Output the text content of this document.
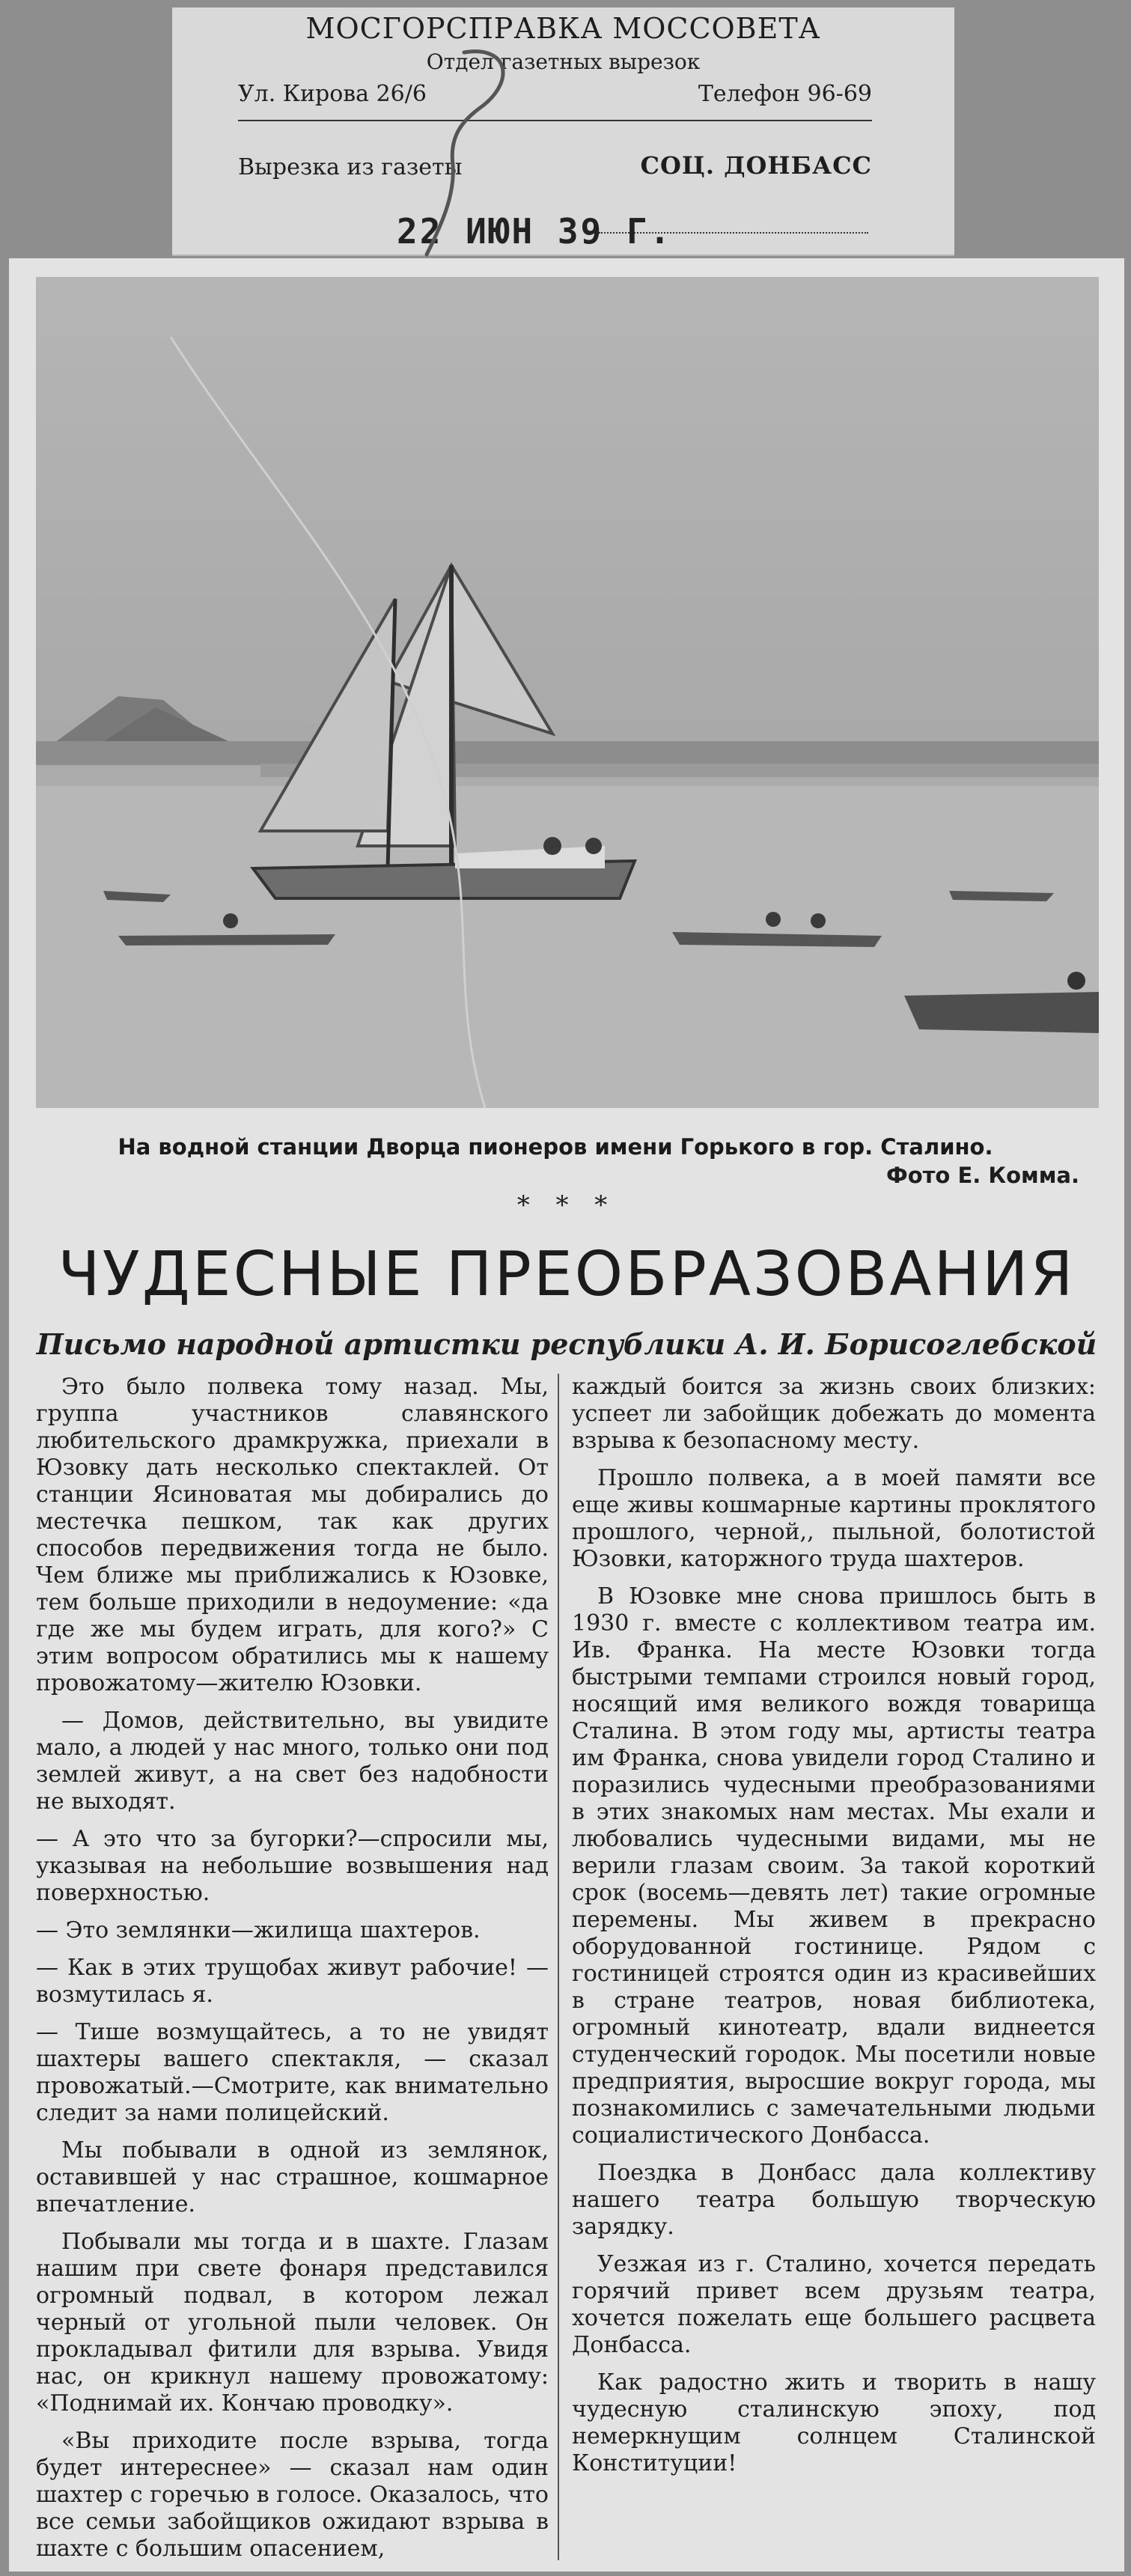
МОСГОРСПРАВКА МОССОВЕТА
Отдел газетных вырезок
Ул. Кирова 26/6	Телефон 96-69
Вырезка из газеты	СОЦ. ДОНБАСС
22 ИЮН 39 Г.
На водной станции Дворца пионеров имени Горького в гор. Сталино.
Фото Е. Комма.
* * *
ЧУДЕСНЫЕ ПРЕОБРАЗОВАНИЯ
Письмо народной артистки республики А. И. Борисоглебской

Это было полвека тому назад. Мы, группа участников славянского любительского драмкружка, приехали в Юзовку дать несколько спектаклей. От станции Ясиноватая мы добирались до местечка пешком, так как других способов передвижения тогда не было. Чем ближе мы приближались к Юзовке, тем больше приходили в недоумение: «да где же мы будем играть, для кого?» С этим вопросом обратились мы к нашему провожатому—жителю Юзовки.

— Домов, действительно, вы увидите мало, а людей у нас много, только они под землей живут, а на свет без надобности не выходят.

— А это что за бугорки?—спросили мы, указывая на небольшие возвышения над поверхностью.

— Это землянки—жилища шахтеров.

— Как в этих трущобах живут рабочие! — возмутилась я.

— Тише возмущайтесь, а то не увидят шахтеры вашего спектакля, — сказал провожатый.—Смотрите, как внимательно следит за нами полицейский.

Мы побывали в одной из землянок, оставившей у нас страшное, кошмарное впечатление.

Побывали мы тогда и в шахте. Глазам нашим при свете фонаря представился огромный подвал, в котором лежал черный от угольной пыли человек. Он прокладывал фитили для взрыва. Увидя нас, он крикнул нашему провожатому: «Поднимай их. Кончаю проводку».

«Вы приходите после взрыва, тогда будет интереснее» — сказал нам один шахтер с горечью в голосе. Оказалось, что все семьи забойщиков ожидают взрыва в шахте с большим опасением,

каждый боится за жизнь своих близких: успеет ли забойщик добежать до момента взрыва к безопасному месту.

Прошло полвека, а в моей памяти все еще живы кошмарные картины проклятого прошлого, черной,, пыльной, болотистой Юзовки, каторжного труда шахтеров.

В Юзовке мне снова пришлось быть в 1930 г. вместе с коллективом театра им. Ив. Франка. На месте Юзовки тогда быстрыми темпами строился новый город, носящий имя великого вождя товарища Сталина. В этом году мы, артисты театра им Франка, снова увидели город Сталино и поразились чудесными преобразованиями в этих знакомых нам местах. Мы ехали и любовались чудесными видами, мы не верили глазам своим. За такой короткий срок (восемь—девять лет) такие огромные перемены. Мы живем в прекрасно оборудованной гостинице. Рядом с гостиницей строятся один из красивейших в стране театров, новая библиотека, огромный кинотеатр, вдали виднеется студенческий городок. Мы посетили новые предприятия, выросшие вокруг города, мы познакомились с замечательными людьми социалистического Донбасса.

Поездка в Донбасс дала коллективу нашего театра большую творческую зарядку.

Уезжая из г. Сталино, хочется передать горячий привет всем друзьям театра, хочется пожелать еще большего расцвета Донбасса.

Как радостно жить и творить в нашу чудесную сталинскую эпоху, под немеркнущим солнцем Сталинской Конституции!
